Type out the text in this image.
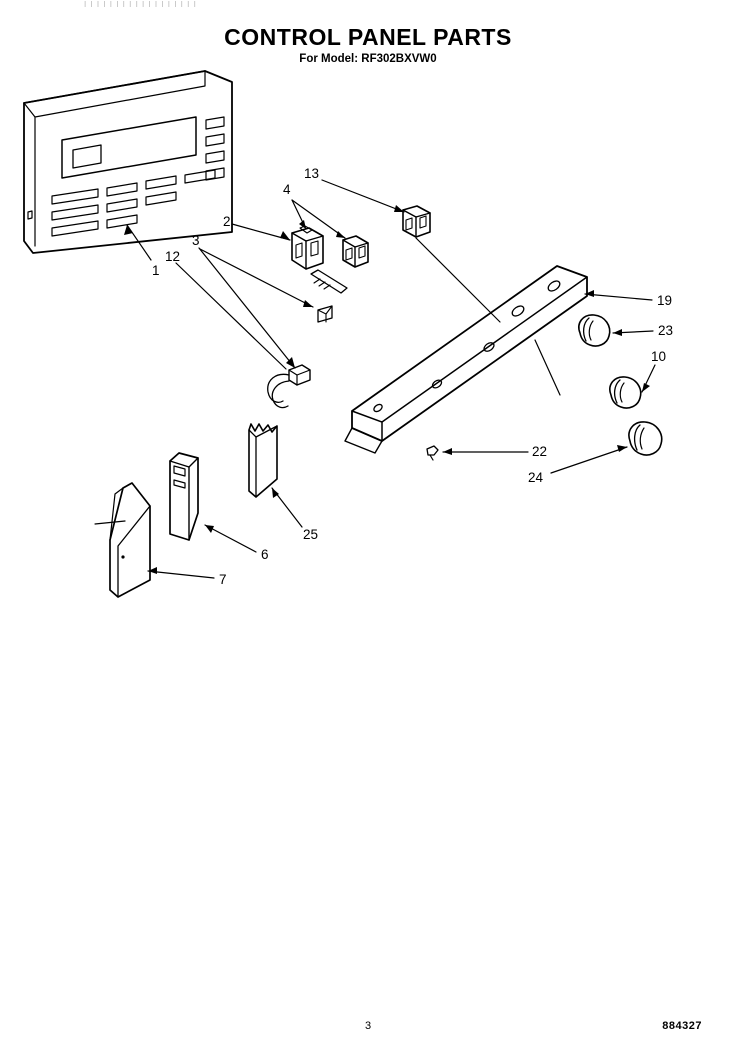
I I I I I I I I I I I I I I I I I I
CONTROL PANEL PARTS
For Model: RF302BXVW0
1
2
3
4
6
7
10
12
13
19
22
23
24
25
3	884327
